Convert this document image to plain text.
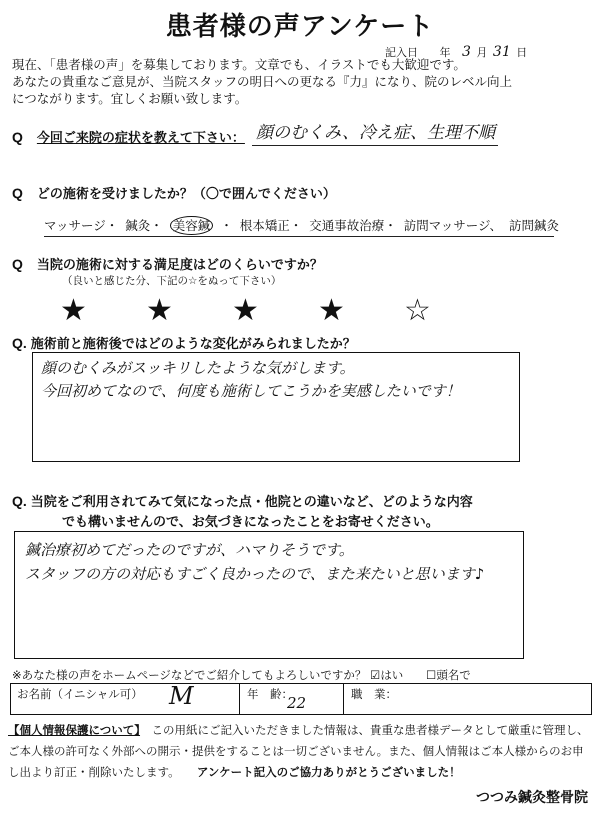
患者様の声アンケート
記入日 年 3 月 31 日
現在、「患者様の声」を募集しております。文章でも、イラストでも大歓迎です。
あなたの貴重なご意見が、当院スタッフの明日への更なる『力』になり、院のレベル向上
につながります。宜しくお願い致します。
Q 今回ご来院の症状を教えて下さい： 顔のむくみ、冷え症、生理不順
Q どの施術を受けましたか？（〇で囲んでください）
マッサージ・ 鍼灸・ 美容鍼 ・ 根本矯正・ 交通事故治療・ 訪問マッサージ、 訪問鍼灸
Q 当院の施術に対する満足度はどのくらいですか？
（良いと感じた分、下記の☆をぬって下さい）
★ ★ ★ ★ ☆
Q. 施術前と施術後ではどのような変化がみられましたか？
顔のむくみがスッキリしたような気がします。
今回初めてなので、何度も施術してこうかを実感したいです！
Q. 当院をご利用されてみて気になった点・他院との違いなど、どのような内容
でも構いませんので、お気づきになったことをお寄せください。
鍼治療初めてだったのですが、ハマりそうです。
スタッフの方の対応もすごく良かったので、また来たいと思います♪
※あなた様の声をホームページなどでご紹介してもよろしいですか？ ☑はい ☐頭名で
お名前（イニシャル可） M	年　齢：
22	職　業：
【個人情報保護について】　 この用紙にご記入いただきました情報は、貴重な患者様データとして厳重に管理し、
ご本人様の許可なく外部への開示・提供をすることは一切ございません。また、個人情報はご本人様からのお申
し出より訂正・削除いたします。　　 アンケート記入のご協力ありがとうございました！
つつみ鍼灸整骨院
